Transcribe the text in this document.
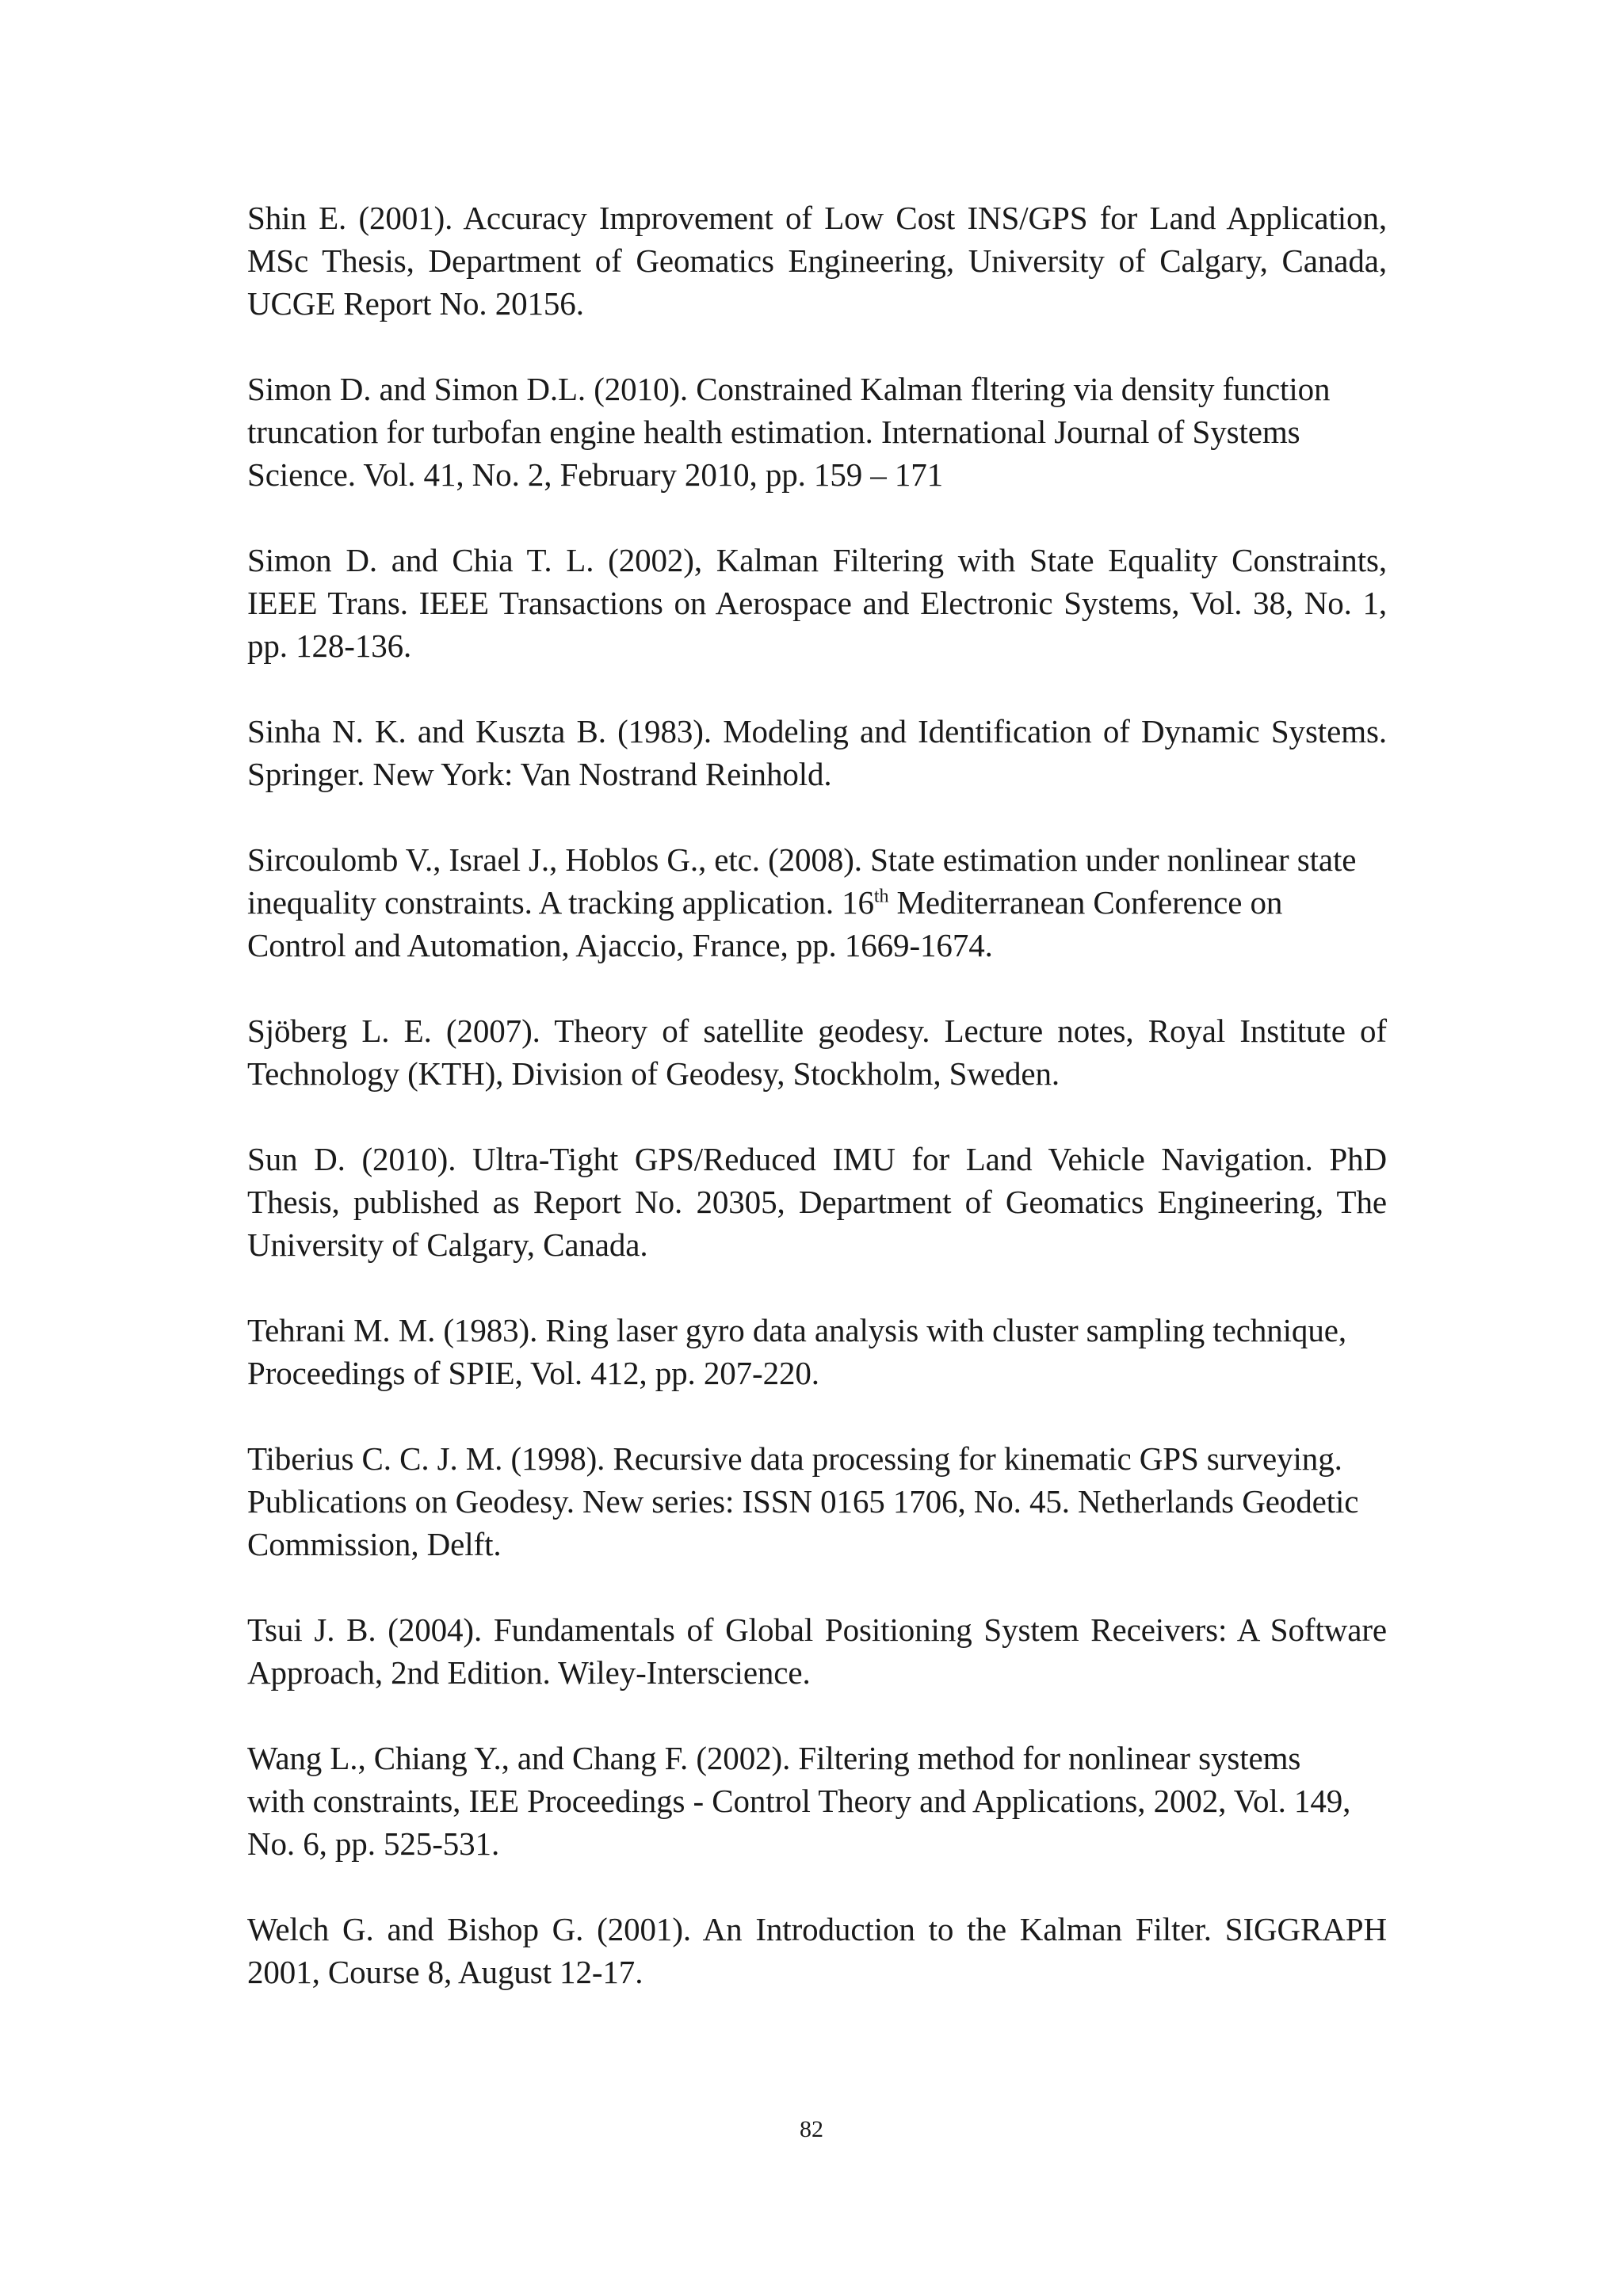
Shin E. (2001). Accuracy Improvement of Low Cost INS/GPS for Land Application,
MSc Thesis, Department of Geomatics Engineering, University of Calgary, Canada,
UCGE Report No. 20156.
Simon D. and Simon D.L. (2010). Constrained Kalman fltering via density function
truncation for turbofan engine health estimation. International Journal of Systems
Science. Vol. 41, No. 2, February 2010, pp. 159 – 171
Simon D. and Chia T. L. (2002), Kalman Filtering with State Equality Constraints,
IEEE Trans. IEEE Transactions on Aerospace and Electronic Systems, Vol. 38, No. 1,
pp. 128-136.
Sinha N. K. and Kuszta B. (1983). Modeling and Identification of Dynamic Systems.
Springer. New York: Van Nostrand Reinhold.
Sircoulomb V., Israel J., Hoblos G., etc. (2008). State estimation under nonlinear state
inequality constraints. A tracking application. 16th Mediterranean Conference on
Control and Automation, Ajaccio, France, pp. 1669-1674.
Sjöberg L. E. (2007). Theory of satellite geodesy. Lecture notes, Royal Institute of
Technology (KTH), Division of Geodesy, Stockholm, Sweden.
Sun D. (2010). Ultra-Tight GPS/Reduced IMU for Land Vehicle Navigation. PhD
Thesis, published as Report No. 20305, Department of Geomatics Engineering, The
University of Calgary, Canada.
Tehrani M. M. (1983). Ring laser gyro data analysis with cluster sampling technique,
Proceedings of SPIE, Vol. 412, pp. 207-220.
Tiberius C. C. J. M. (1998). Recursive data processing for kinematic GPS surveying.
Publications on Geodesy. New series: ISSN 0165 1706, No. 45. Netherlands Geodetic
Commission, Delft.
Tsui J. B. (2004). Fundamentals of Global Positioning System Receivers: A Software
Approach, 2nd Edition. Wiley-Interscience.
Wang L., Chiang Y., and Chang F. (2002). Filtering method for nonlinear systems
with constraints, IEE Proceedings - Control Theory and Applications, 2002, Vol. 149,
No. 6, pp. 525-531.
Welch G. and Bishop G. (2001). An Introduction to the Kalman Filter. SIGGRAPH
2001, Course 8, August 12-17.
82
